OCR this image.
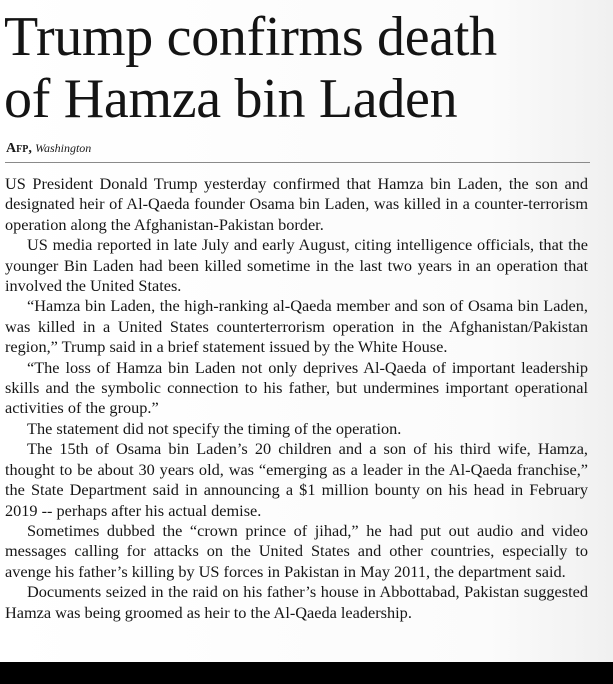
Trump confirms death
of Hamza bin Laden
Afp, Washington

US President Donald Trump yesterday confirmed that Hamza bin Laden, the son and designated heir of Al-Qaeda founder Osama bin Laden, was killed in a counter-terrorism operation along the Afghanistan-Pakistan border.

US media reported in late July and early August, citing intelligence officials, that the younger Bin Laden had been killed sometime in the last two years in an operation that involved the United States.

“Hamza bin Laden, the high-ranking al-Qaeda member and son of Osama bin Laden, was killed in a United States counterterrorism operation in the Afghanistan/Pakistan region,” Trump said in a brief statement issued by the White House.

“The loss of Hamza bin Laden not only deprives Al-Qaeda of important leadership skills and the symbolic connection to his father, but undermines important operational activities of the group.”

The statement did not specify the timing of the operation.

The 15th of Osama bin Laden’s 20 children and a son of his third wife, Hamza, thought to be about 30 years old, was “emerging as a leader in the Al-Qaeda franchise,” the State Department said in announcing a $1 million bounty on his head in February 2019 -- perhaps after his actual demise.

Sometimes dubbed the “crown prince of jihad,” he had put out audio and video messages calling for attacks on the United States and other countries, especially to avenge his father’s killing by US forces in Pakistan in May 2011, the department said.

Documents seized in the raid on his father’s house in Abbottabad, Pakistan suggested Hamza was being groomed as heir to the Al-Qaeda leadership.
